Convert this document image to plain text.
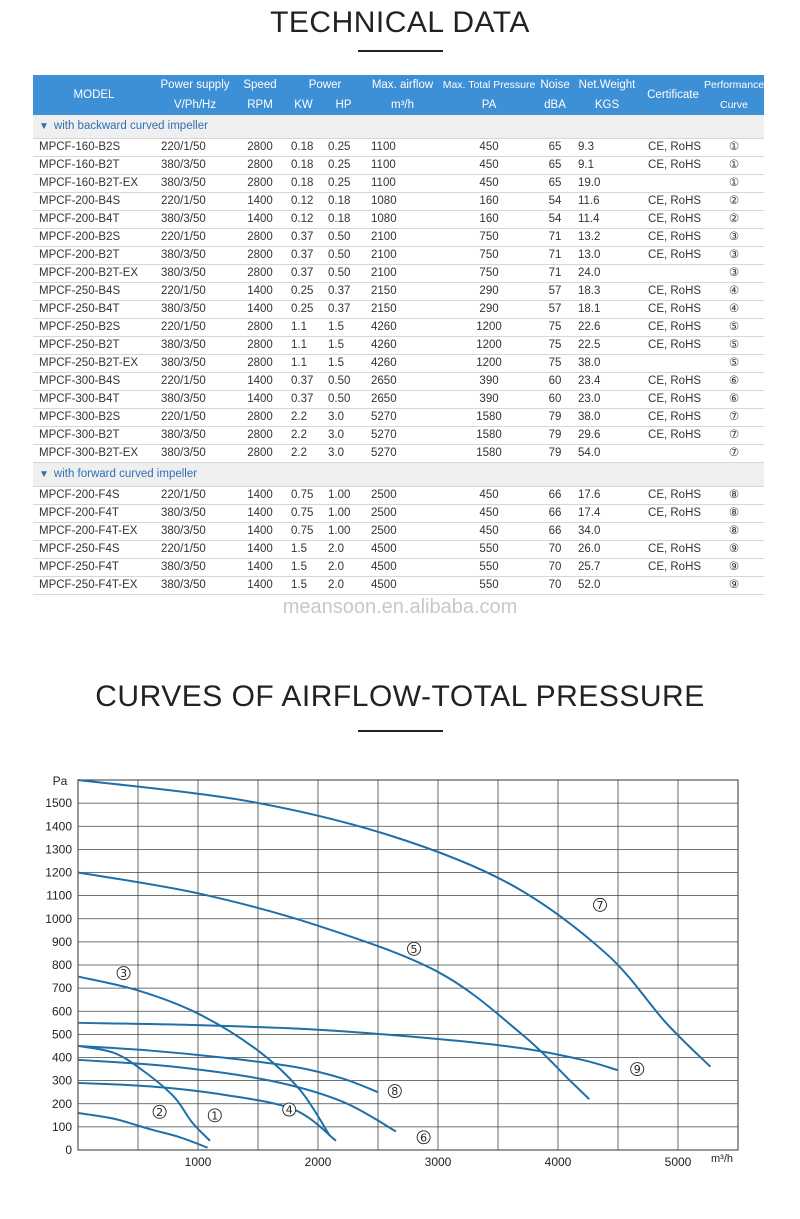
TECHNICAL DATA
MODEL	Power supply	Speed	Power		Max. airflow	Max. Total Pressure	Noise	Net.Weight	Certificate	Performance
	V/Ph/Hz	RPM	KW	HP	m³/h	PA	dBA	KGS		Curve
▼ with backward curved impeller										
MPCF-160-B2S	220/1/50	2800	0.18	0.25	1100	450	65	9.3	CE, RoHS	①
MPCF-160-B2T	380/3/50	2800	0.18	0.25	1100	450	65	9.1	CE, RoHS	①
MPCF-160-B2T-EX	380/3/50	2800	0.18	0.25	1100	450	65	19.0		①
MPCF-200-B4S	220/1/50	1400	0.12	0.18	1080	160	54	11.6	CE, RoHS	②
MPCF-200-B4T	380/3/50	1400	0.12	0.18	1080	160	54	11.4	CE, RoHS	②
MPCF-200-B2S	220/1/50	2800	0.37	0.50	2100	750	71	13.2	CE, RoHS	③
MPCF-200-B2T	380/3/50	2800	0.37	0.50	2100	750	71	13.0	CE, RoHS	③
MPCF-200-B2T-EX	380/3/50	2800	0.37	0.50	2100	750	71	24.0		③
MPCF-250-B4S	220/1/50	1400	0.25	0.37	2150	290	57	18.3	CE, RoHS	④
MPCF-250-B4T	380/3/50	1400	0.25	0.37	2150	290	57	18.1	CE, RoHS	④
MPCF-250-B2S	220/1/50	2800	1.1	1.5	4260	1200	75	22.6	CE, RoHS	⑤
MPCF-250-B2T	380/3/50	2800	1.1	1.5	4260	1200	75	22.5	CE, RoHS	⑤
MPCF-250-B2T-EX	380/3/50	2800	1.1	1.5	4260	1200	75	38.0		⑤
MPCF-300-B4S	220/1/50	1400	0.37	0.50	2650	390	60	23.4	CE, RoHS	⑥
MPCF-300-B4T	380/3/50	1400	0.37	0.50	2650	390	60	23.0	CE, RoHS	⑥
MPCF-300-B2S	220/1/50	2800	2.2	3.0	5270	1580	79	38.0	CE, RoHS	⑦
MPCF-300-B2T	380/3/50	2800	2.2	3.0	5270	1580	79	29.6	CE, RoHS	⑦
MPCF-300-B2T-EX	380/3/50	2800	2.2	3.0	5270	1580	79	54.0		⑦
▼ with forward curved impeller										
MPCF-200-F4S	220/1/50	1400	0.75	1.00	2500	450	66	17.6	CE, RoHS	⑧
MPCF-200-F4T	380/3/50	1400	0.75	1.00	2500	450	66	17.4	CE, RoHS	⑧
MPCF-200-F4T-EX	380/3/50	1400	0.75	1.00	2500	450	66	34.0		⑧
MPCF-250-F4S	220/1/50	1400	1.5	2.0	4500	550	70	26.0	CE, RoHS	⑨
MPCF-250-F4T	380/3/50	1400	1.5	2.0	4500	550	70	25.7	CE, RoHS	⑨
MPCF-250-F4T-EX	380/3/50	1400	1.5	2.0	4500	550	70	52.0		⑨
meansoon.en.alibaba.com
CURVES OF AIRFLOW-TOTAL PRESSURE
0
100
200
300
400
500
600
700
800
900
1000
1100
1200
1300
1400
1500
Pa
1000	2000	3000	4000	5000 m³/h
1
2
3
4
5
6
7
8
9
